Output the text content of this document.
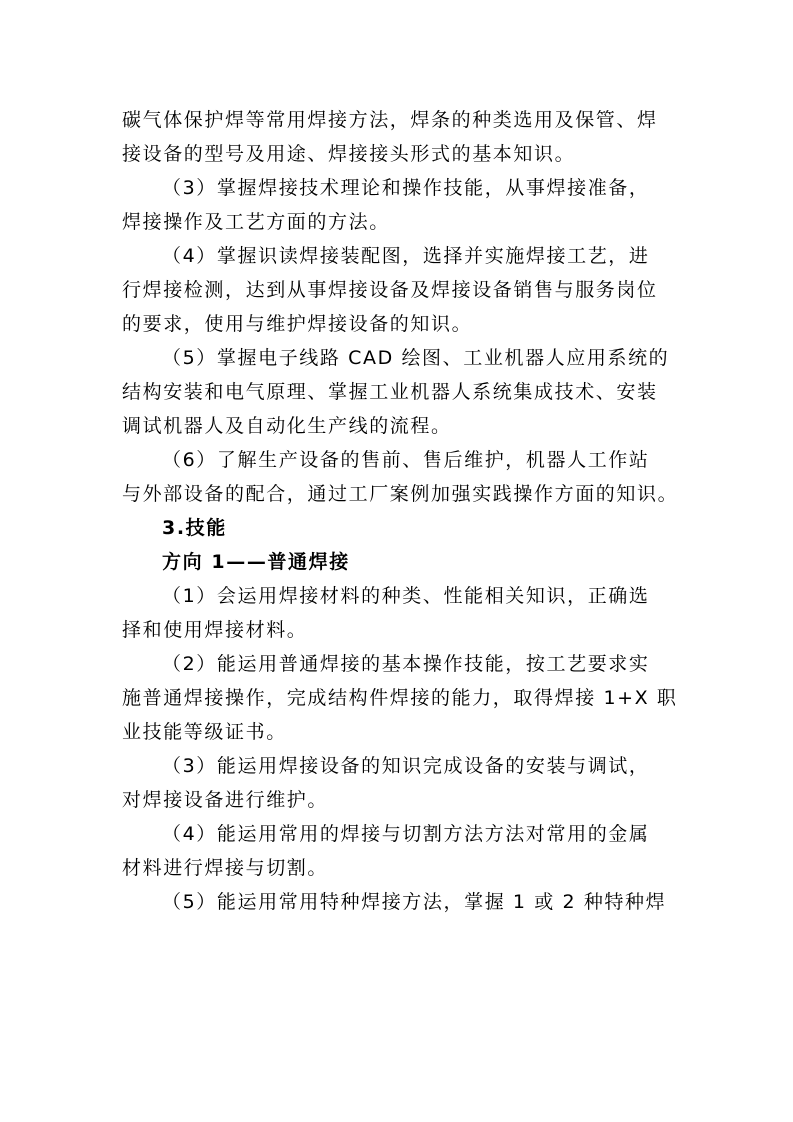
碳气体保护焊等常用焊接方法，焊条的种类选用及保管、焊
接设备的型号及用途、焊接接头形式的基本知识。
（3）掌握焊接技术理论和操作技能，从事焊接准备，
焊接操作及工艺方面的方法。
（4）掌握识读焊接装配图，选择并实施焊接工艺，进
行焊接检测，达到从事焊接设备及焊接设备销售与服务岗位
的要求，使用与维护焊接设备的知识。
（5）掌握电子线路 CAD 绘图、工业机器人应用系统的
结构安装和电气原理、掌握工业机器人系统集成技术、安装
调试机器人及自动化生产线的流程。
（6）了解生产设备的售前、售后维护，机器人工作站
与外部设备的配合，通过工厂案例加强实践操作方面的知识。
3.技能
方向 1——普通焊接
（1）会运用焊接材料的种类、性能相关知识，正确选
择和使用焊接材料。
（2）能运用普通焊接的基本操作技能，按工艺要求实
施普通焊接操作，完成结构件焊接的能力，取得焊接 1+X 职
业技能等级证书。
（3）能运用焊接设备的知识完成设备的安装与调试，
对焊接设备进行维护。
（4）能运用常用的焊接与切割方法方法对常用的金属
材料进行焊接与切割。
（5）能运用常用特种焊接方法，掌握 1 或 2 种特种焊
